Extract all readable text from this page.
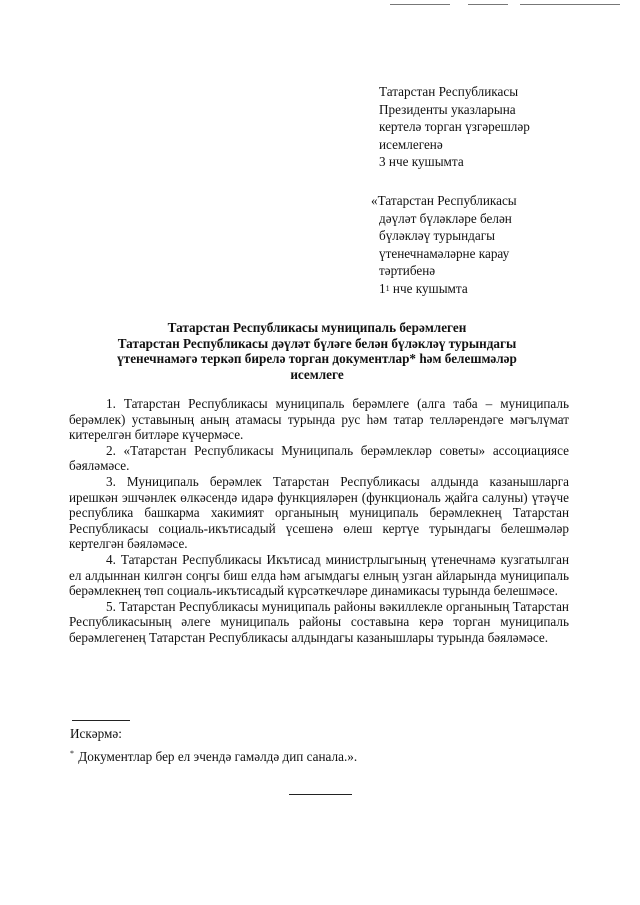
Татарстан Республикасы
Президенты указларына
кертелә торган үзгәрешләр
исемлегенә
3 нче кушымта
«Татарстан Республикасы
дәүләт бүләкләре белән
бүләкләү турындагы
үтенечнамәләрне карау
тәртибенә
$1^1$ нче кушымта
Татарстан Республикасы муниципаль берәмлеген
Татарстан Республикасы дәүләт бүләге белән бүләкләү турындагы
үтенечнамәгә теркәп бирелә торган документлар* һәм белешмәләр
исемлеге

1. Татарстан Республикасы муниципаль берәмлеге (алга таба – муниципаль берәмлек) уставының аның атамасы турында рус һәм татар телләрендәге мәгълүмат китерелгән битләре күчермәсе.

2. «Татарстан Республикасы Муниципаль берәмлекләр советы» ассоциациясе бәяләмәсе.

3. Муниципаль берәмлек Татарстан Республикасы алдында казанышларга ирешкән эшчәнлек өлкәсендә идарә функцияләрен (функциональ җайга салуны) үтәүче республика башкарма хакимият органының муниципаль берәмлекнең Татарстан Республикасы социаль-икътисадый үсешенә өлеш кертүе турындагы белешмәләр кертелгән бәяләмәсе.

4. Татарстан Республикасы Икътисад министрлыгының үтенечнамә кузгатылган ел алдыннан килгән соңгы биш елда һәм агымдагы елның узган айларында муниципаль берәмлекнең төп социаль-икътисадый күрсәткечләре динамикасы турында белешмәсе.

5. Татарстан Республикасы муниципаль районы вәкиллекле органының Татарстан Республикасының әлеге муниципаль районы составына керә торган муниципаль берәмлегенең Татарстан Республикасы алдындагы казанышлары турында бәяләмәсе.

Искәрмә:
* Документлар бер ел эчендә гамәлдә дип санала.».
